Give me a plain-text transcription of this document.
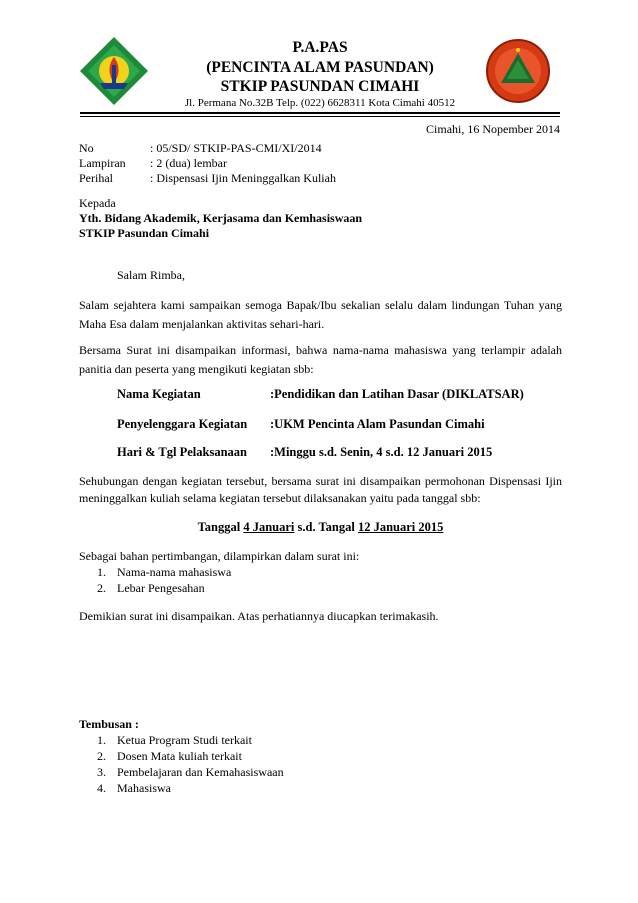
P.A.PAS
(PENCINTA ALAM PASUNDAN)
STKIP PASUNDAN CIMAHI
Jl. Permana No.32B Telp. (022) 6628311 Kota Cimahi 40512
Cimahi, 16 Nopember 2014
No	: 05/SD/ STKIP-PAS-CMI/XI/2014
Lampiran : 2 (dua) lembar
Perihal	: Dispensasi Ijin Meninggalkan Kuliah
Kepada
Yth. Bidang Akademik, Kerjasama dan Kemhasiswaan
STKIP Pasundan Cimahi
Salam Rimba,
Salam sejahtera kami sampaikan semoga Bapak/Ibu sekalian selalu dalam lindungan Tuhan yang Maha Esa dalam menjalankan aktivitas sehari-hari.
Bersama Surat ini disampaikan informasi, bahwa nama-nama mahasiswa yang terlampir adalah panitia dan peserta yang mengikuti kegiatan sbb:
Nama Kegiatan	:Pendidikan dan Latihan Dasar (DIKLATSAR)
Penyelenggara Kegiatan :UKM Pencinta Alam Pasundan Cimahi
Hari & Tgl Pelaksanaan :Minggu s.d. Senin, 4 s.d. 12 Januari 2015
Sehubungan dengan kegiatan tersebut, bersama surat ini disampaikan permohonan Dispensasi Ijin meninggalkan kuliah selama kegiatan tersebut dilaksanakan yaitu pada tanggal sbb:
Tanggal 4 Januari s.d. Tangal 12 Januari 2015
Sebagai bahan pertimbangan, dilampirkan dalam surat ini:
1. Nama-nama mahasiswa
2. Lebar Pengesahan
Demikian surat ini disampaikan. Atas perhatiannya diucapkan terimakasih.
Tembusan :
1. Ketua Program Studi terkait
2. Dosen Mata kuliah terkait
3. Pembelajaran dan Kemahasiswaan
4. Mahasiswa
